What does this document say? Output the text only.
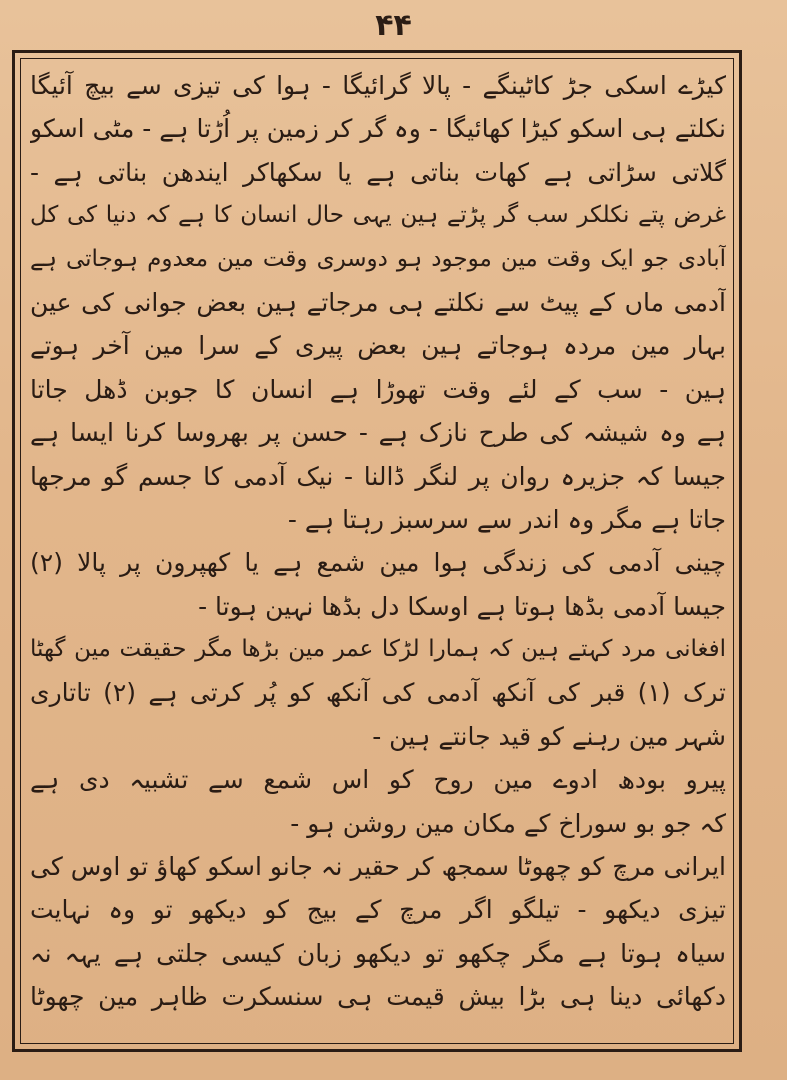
۴۴
کیڑے اسکی جڑ کاٹینگے - پالا گرائیگا - ہوا کی تیزی سے بیچ آئیگا
نکلتے ہی اسکو کیڑا کھائیگا - وہ گر کر زمین پر اُڑتا ہے - مٹی اسکو
گلاتی سڑاتی ہے کھات بناتی ہے یا سکھاکر ایندھن بناتی ہے -
غرض پتے نکلکر سب گر پڑتے ہین یہی حال انسان کا ہے کہ دنیا کی کل
آبادی جو ایک وقت مین موجود ہو دوسری وقت مین معدوم ہوجاتی ہے
آدمی ماں کے پیٹ سے نکلتے ہی مرجاتے ہین بعض جوانی کی عین
بہار مین مردہ ہوجاتے ہین بعض پیری کے سرا مین آخر ہوتے
ہین - سب کے لئے وقت تھوڑا ہے انسان کا جوبن ڈھل جاتا
ہے وہ شیشہ کی طرح نازک ہے - حسن پر بھروسا کرنا ایسا ہے
جیسا کہ جزیرہ روان پر لنگر ڈالنا - نیک آدمی کا جسم گو مرجھا
جاتا ہے مگر وہ اندر سے سرسبز رہتا ہے -
چینی آدمی کی زندگی ہوا مین شمع ہے یا کھپرون پر پالا (۲)
جیسا آدمی بڈھا ہوتا ہے اوسکا دل بڈھا نہین ہوتا -
افغانی مرد کہتے ہین کہ ہمارا لڑکا عمر مین بڑھا مگر حقیقت مین گھٹا
ترک (۱) قبر کی آنکھ آدمی کی آنکھ کو پُر کرتی ہے (۲) تاتاری
شہر مین رہنے کو قید جانتے ہین -
پیرو بودھ ادوے مین روح کو اس شمع سے تشبیہ دی ہے
کہ جو بو سوراخ کے مکان مین روشن ہو -
ایرانی مرچ کو چھوٹا سمجھ کر حقیر نہ جانو اسکو کھاؤ تو اوس کی
تیزی دیکھو - تیلگو اگر مرچ کے بیج کو دیکھو تو وہ نہایت
سیاہ ہوتا ہے مگر چکھو تو دیکھو زبان کیسی جلتی ہے یہہ نہ
دکھائی دینا ہی بڑا بیش قیمت ہی سنسکرت ظاہر مین چھوٹا
